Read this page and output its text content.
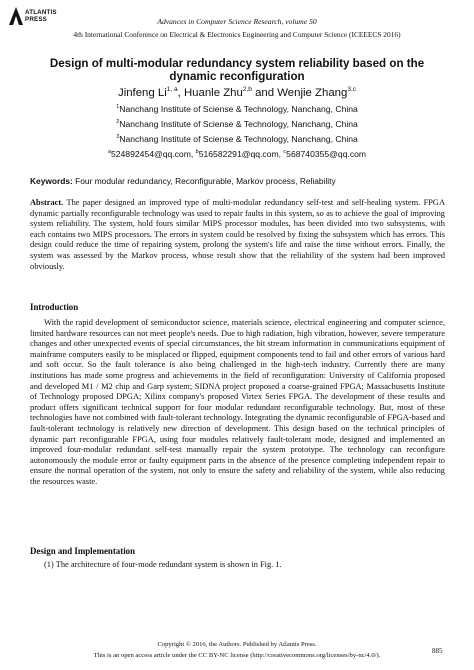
ATLANTIS
PRESS	Advances in Computer Science Research, volume 50
4th International Conference on Electrical & Electronics Engineering and Computer Science (ICEEECS 2016)
Design of multi-modular redundancy system reliability based on the
dynamic reconfiguration
Jinfeng Li$^{1, a}$, Huanle Zhu$^{2,b}$ and Wenjie Zhang$^{3,c}$
$^1$Nanchang Institute of Sciense & Technology, Nanchang, China
$^2$Nanchang Institute of Sciense & Technology, Nanchang, China
$^3$Nanchang Institute of Sciense & Technology, Nanchang, China
$^a$524892454@qq.com, $^b$516582291@qq.com, $^c$568740355@qq.com
Keywords: Four modular redundancy, Reconfigurable, Markov process, Reliability

Abstract. The paper designed an improved type of multi-modular redundancy self-test and self-healing system. FPGA dynamic partially reconfigurable technology was used to repair faults in this system, so as to achieve the goal of improving system reliability. The system, hold fours similar MIPS processor modules, has been divided into two subsystems, with each contains two MIPS processors. The errors in system could be resolved by fixing the subsystem which has errors. This design could reduce the time of repairing system, prolong the system's life and raise the time without errors. Finally, the system was assessed by the Markov process, whose result show that the reliability of the system had been improved obviously.

Introduction

With the rapid development of semiconductor science, materials science, electrical engineering and computer science, limited hardware resources can not meet people's needs. Due to high radiation, high vibration, however, severe temperature changes and other unexpected events of special circumstances, the bit stream information in communications equipment of mainframe computers easily to be misplaced or flipped, equipment components tend to fail and other errors of various hard and soft occur. So the fault tolerance is also being challenged in the high-tech industry. Currently there are many institutions has made some progress and achievements in the field of reconfiguration: University of California proposed and developed M1 / M2 chip and Garp system; SIDNA project proposed a coarse-grained FPGA; Massachusetts Institute of Technology proposed DPGA; Xilinx company's proposed Virtex Series FPGA. The development of these results and product offers significant technical support for four modular redundant reconfigurable technology. But, most of these technologies have not combined with fault-tolerant technology. Integrating the dynamic reconfigurable of FPGA-based and fault-tolerant technology is relatively new direction of development. This design based on the technical principles of dynamic part reconfigurable FPGA, using four modules relatively fault-tolerant mode, designed and implemented an improved four-modular redundant self-test manually repair the system prototype. The technology can reconfigure autonomously the module error or faulty equipment parts in the absence of the presence completing independent repair to ensure the normal operation of the system, not only to ensure the safety and reliability of the system, while also reducing the resources waste.

Design and Implementation

(1) The architecture of four-mode redundant system is shown in Fig. 1.

Copyright © 2016, the Authors. Published by Atlantis Press.
This is an open access article under the CC BY-NC license (http://creativecommons.org/licenses/by-nc/4.0/).
885
